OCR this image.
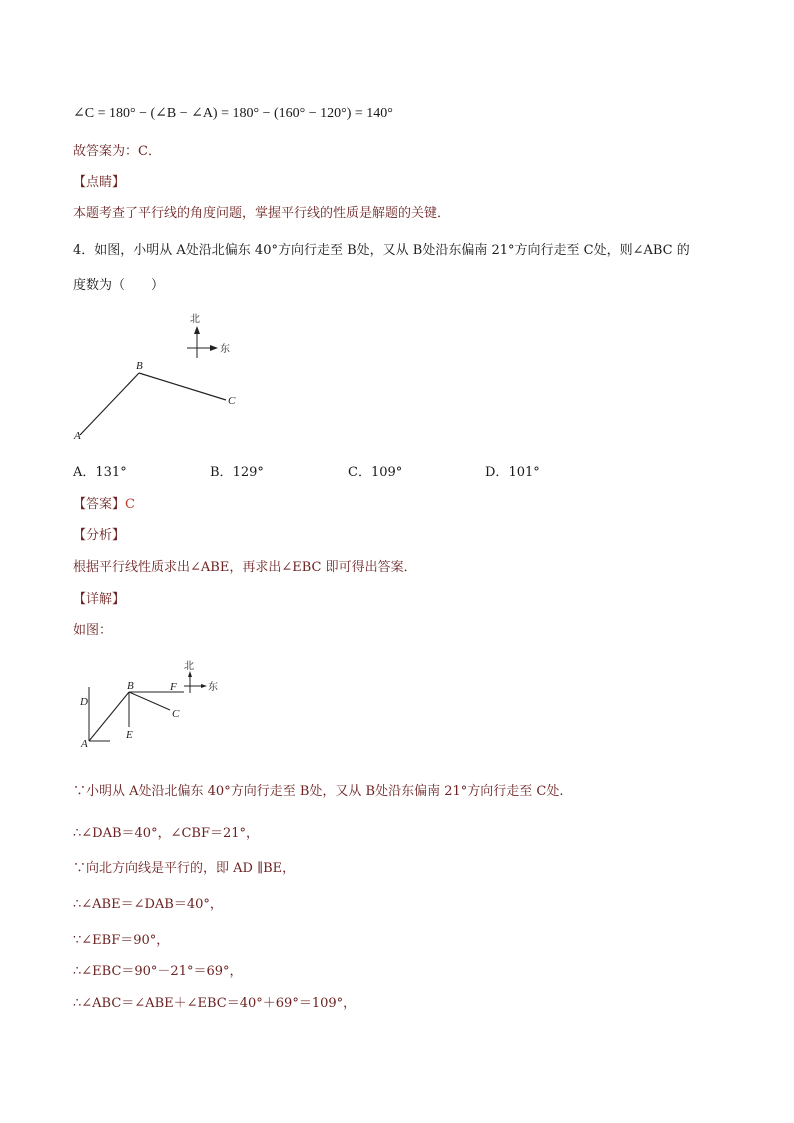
∠C = 180° − (∠B − ∠A) = 180° − (160° − 120°) = 140°
故答案为：C．
【点睛】
本题考查了平行线的角度问题，掌握平行线的性质是解题的关键．
4．如图，小明从 A处沿北偏东 40°方向行走至 B处，又从 B处沿东偏南 21°方向行走至 C处，则∠ABC 的
度数为（　　）
A
B
C
北
东
A．131°	B．129°	C．109°	D．101°
【答案】C
【分析】
根据平行线性质求出∠ABE，再求出∠EBC 即可得出答案．
【详解】
如图：
D
A
B	F
C
E
北
东
∵小明从 A处沿北偏东 40°方向行走至 B处，又从 B处沿东偏南 21°方向行走至 C处.
∴∠DAB＝40°，∠CBF＝21°，
∵向北方向线是平行的，即 AD ∥BE，
∴∠ABE＝∠DAB＝40°，
∵∠EBF＝90°，
∴∠EBC＝90°－21°＝69°，
∴∠ABC＝∠ABE＋∠EBC＝40°＋69°＝109°，
